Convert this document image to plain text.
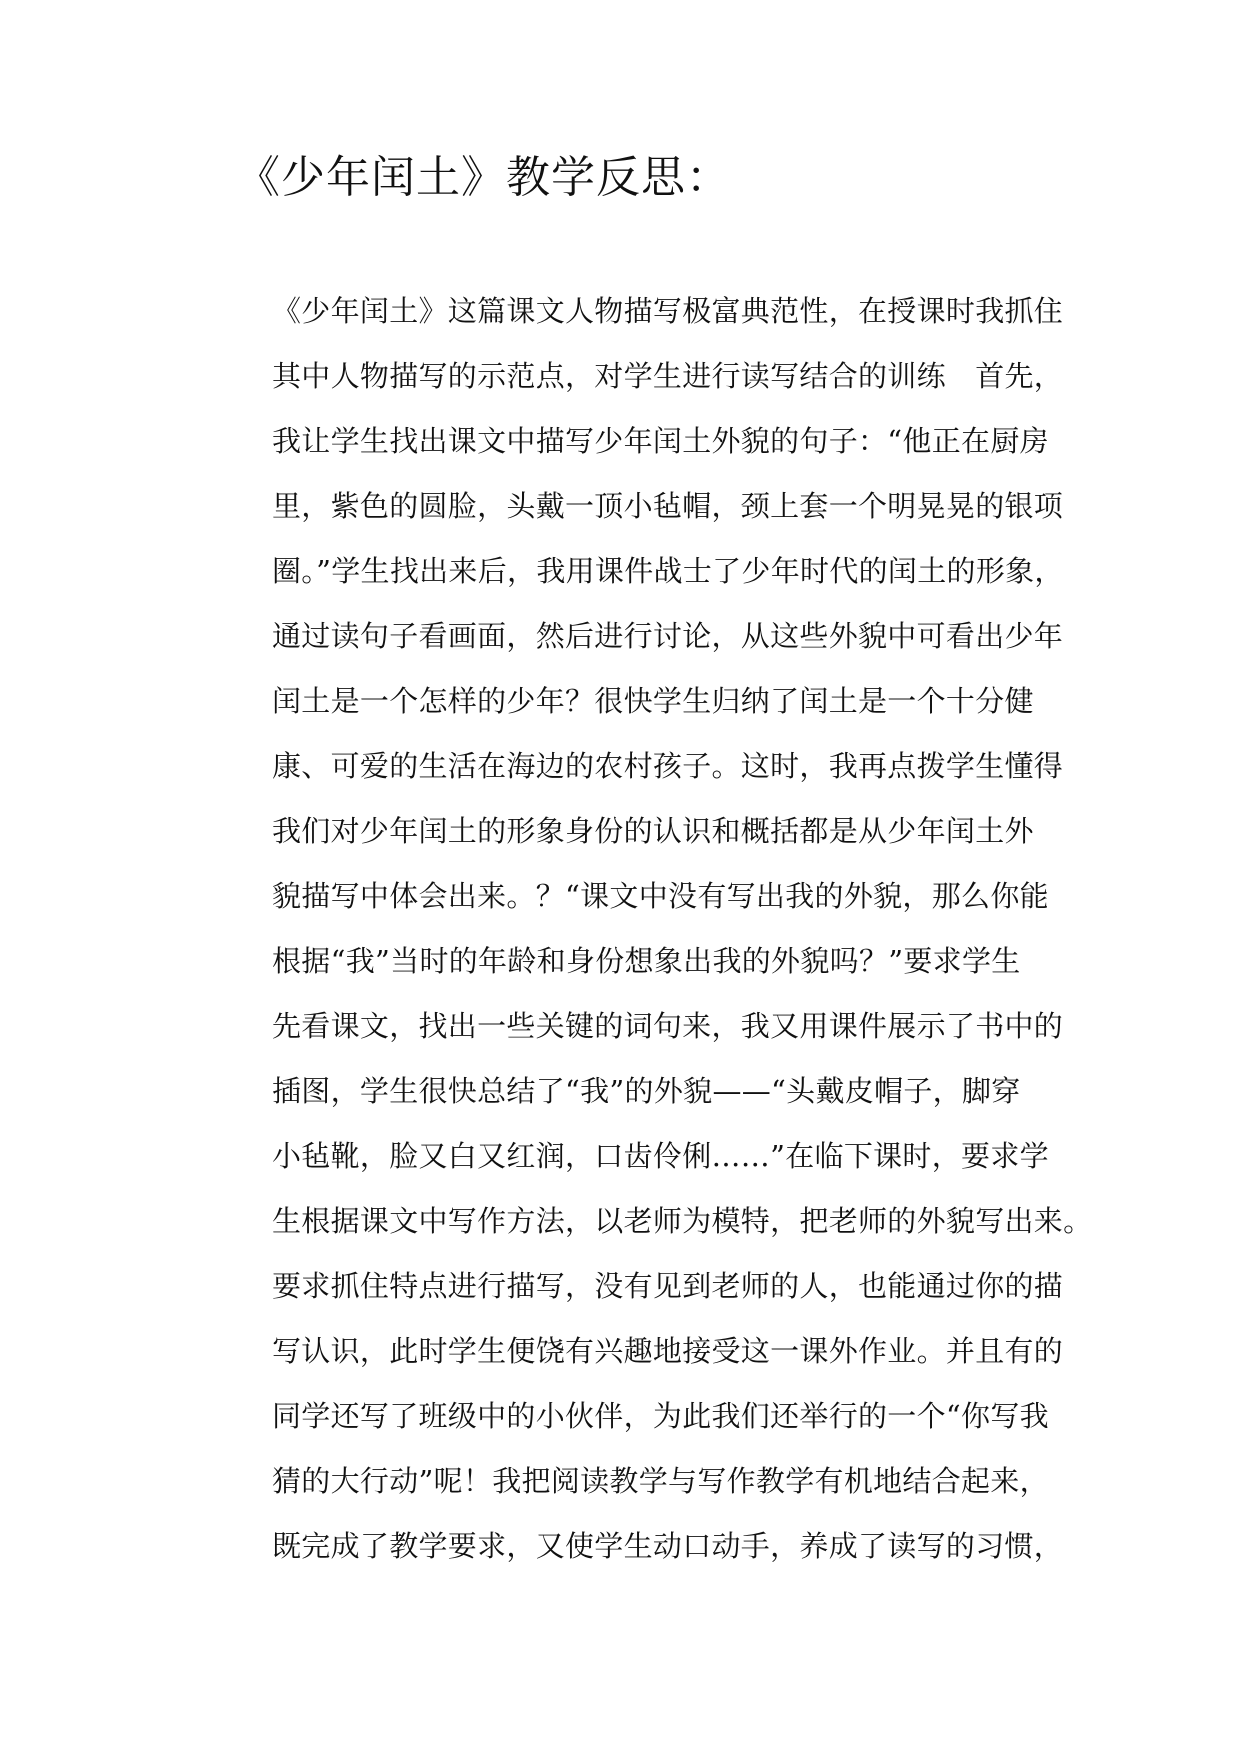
《少年闰土》教学反思：
《少年闰土》这篇课文人物描写极富典范性，在授课时我抓住
其中人物描写的示范点，对学生进行读写结合的训练　首先，
我让学生找出课文中描写少年闰土外貌的句子：“他正在厨房
里，紫色的圆脸，头戴一顶小毡帽，颈上套一个明晃晃的银项
圈。”学生找出来后，我用课件战士了少年时代的闰土的形象，
通过读句子看画面，然后进行讨论，从这些外貌中可看出少年
闰土是一个怎样的少年？很快学生归纳了闰土是一个十分健
康、可爱的生活在海边的农村孩子。这时，我再点拨学生懂得
我们对少年闰土的形象身份的认识和概括都是从少年闰土外
貌描写中体会出来。？“课文中没有写出我的外貌，那么你能
根据“我”当时的年龄和身份想象出我的外貌吗？”要求学生
先看课文，找出一些关键的词句来，我又用课件展示了书中的
插图，学生很快总结了“我”的外貌——“头戴皮帽子，脚穿
小毡靴，脸又白又红润，口齿伶俐……”在临下课时，要求学
生根据课文中写作方法，以老师为模特，把老师的外貌写出来。
要求抓住特点进行描写，没有见到老师的人，也能通过你的描
写认识，此时学生便饶有兴趣地接受这一课外作业。并且有的
同学还写了班级中的小伙伴，为此我们还举行的一个“你写我
猜的大行动”呢！我把阅读教学与写作教学有机地结合起来，
既完成了教学要求，又使学生动口动手，养成了读写的习惯，
